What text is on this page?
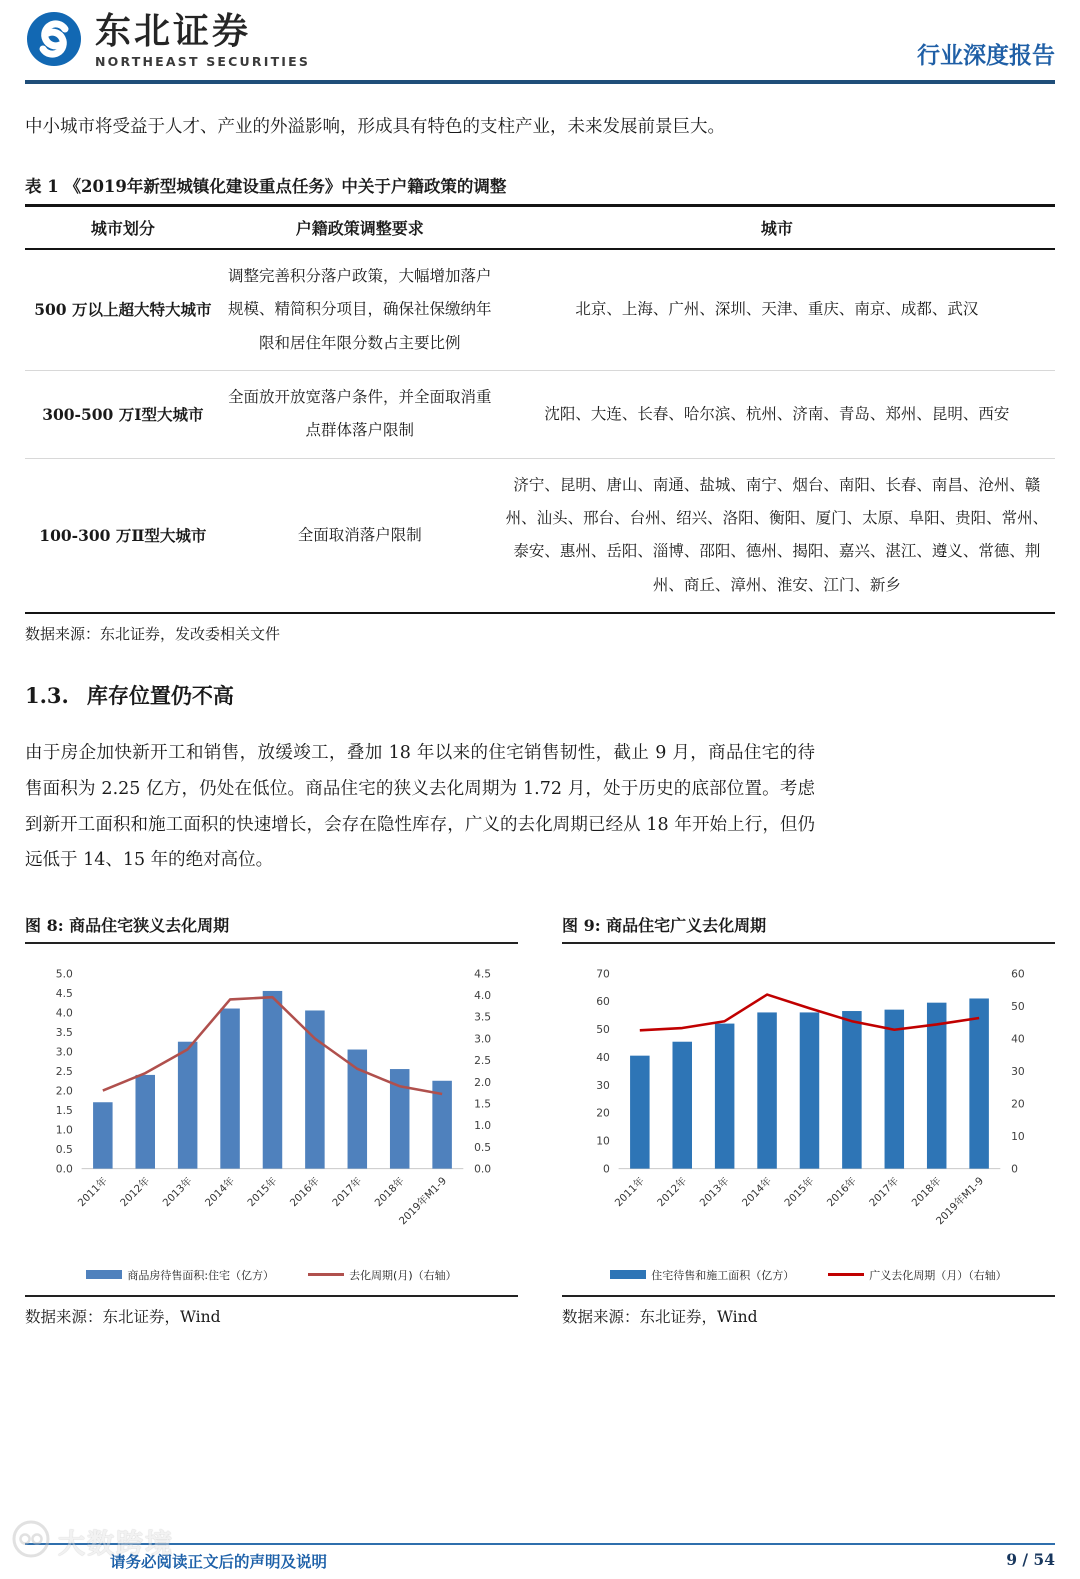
东北证券
NORTHEAST SECURITIES	行业深度报告
中小城市将受益于人才、产业的外溢影响，形成具有特色的支柱产业，未来发展前景巨大。
表 1 《2019年新型城镇化建设重点任务》中关于户籍政策的调整
城市划分	户籍政策调整要求	城市
500 万以上超大特大城市	调整完善积分落户政策，大幅增加落户规模、精简积分项目，确保社保缴纳年限和居住年限分数占主要比例	北京、上海、广州、深圳、天津、重庆、南京、成都、武汉
300-500 万Ⅰ型大城市	全面放开放宽落户条件，并全面取消重点群体落户限制	沈阳、大连、长春、哈尔滨、杭州、济南、青岛、郑州、昆明、西安
100-300 万Ⅱ型大城市	全面取消落户限制	济宁、昆明、唐山、南通、盐城、南宁、烟台、南阳、长春、南昌、沧州、赣州、汕头、邢台、台州、绍兴、洛阳、衡阳、厦门、太原、阜阳、贵阳、常州、泰安、惠州、岳阳、淄博、邵阳、德州、揭阳、嘉兴、湛江、遵义、常德、荆州、商丘、漳州、淮安、江门、新乡
数据来源：东北证券，发改委相关文件
1.3. 库存位置仍不高
由于房企加快新开工和销售，放缓竣工，叠加 18 年以来的住宅销售韧性，截止 9 月，商品住宅的待售面积为 2.25 亿方，仍处在低位。商品住宅的狭义去化周期为 1.72 月，处于历史的底部位置。考虑到新开工面积和施工面积的快速增长，会存在隐性库存，广义的去化周期已经从 18 年开始上行，但仍远低于 14、15 年的绝对高位。
图 8: 商品住宅狭义去化周期
0.0
0.5
1.0
1.5
2.0
2.5
3.0
3.5
4.0
4.5
5.0
0.0
0.5
1.0
1.5
2.0
2.5
3.0
3.5
4.0
4.5
2011年 2012年 2013年 2014年 2015年 2016年 2017年 2018年
2019年M1-9
商品房待售面积:住宅（亿方）	去化周期(月)（右轴）
数据来源：东北证券，Wind
图 9: 商品住宅广义去化周期
0
10
20
30
40
50
60
70
0
10
20
30
40
50
60
2011年 2012年 2013年 2014年 2015年 2016年 2017年 2018年
2019年M1-9
住宅待售和施工面积（亿方）	广义去化周期（月）（右轴）
数据来源：东北证券，Wind
大数跨境
请务必阅读正文后的声明及说明	9 / 54
